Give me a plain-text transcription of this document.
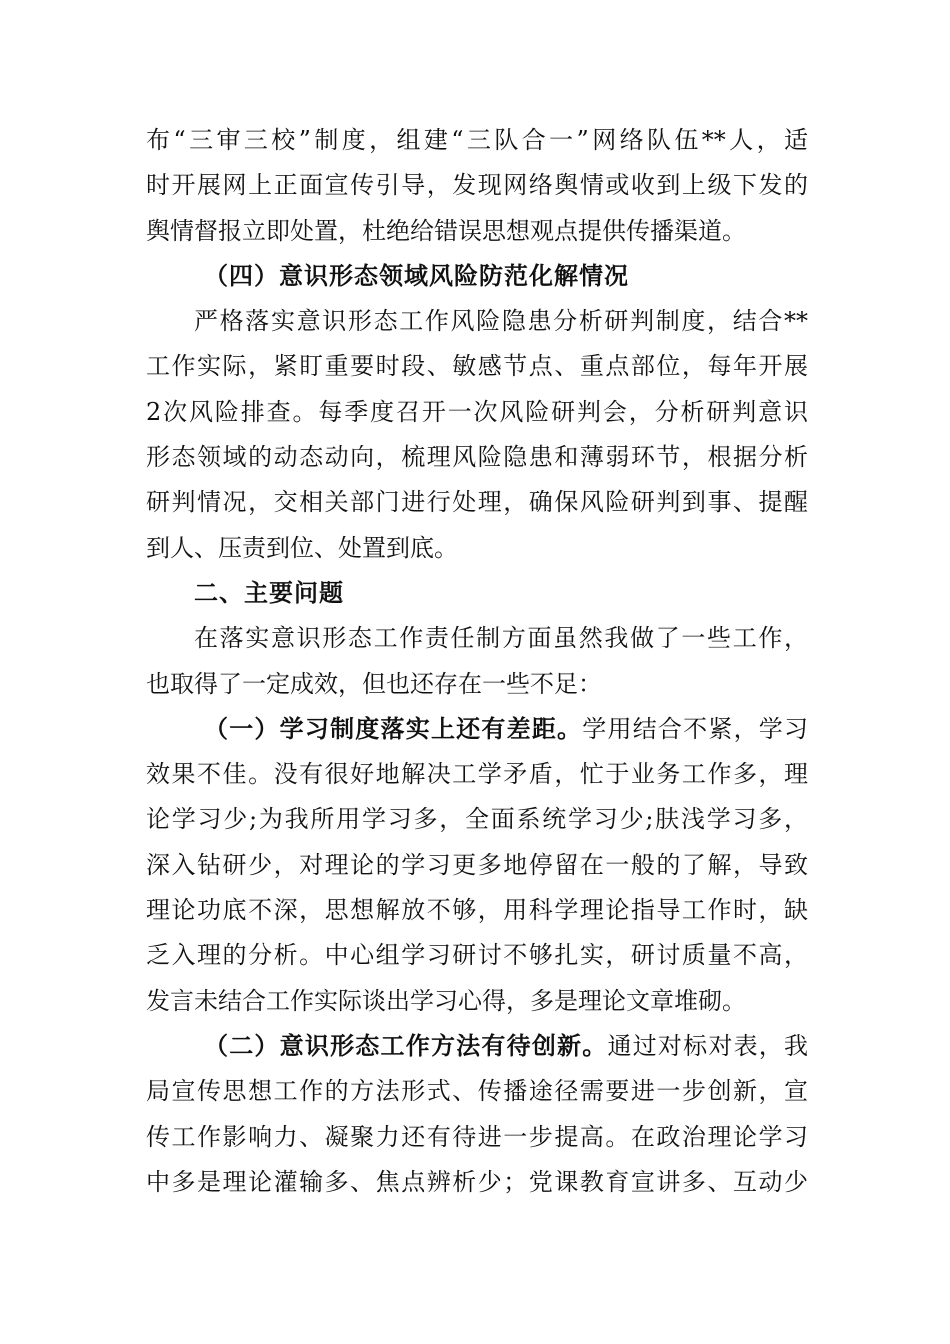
布“三审三校”制度，组建“三队合一”网络队伍**人，适
时开展网上正面宣传引导，发现网络舆情或收到上级下发的
舆情督报立即处置，杜绝给错误思想观点提供传播渠道。
（四）意识形态领域风险防范化解情况
严格落实意识形态工作风险隐患分析研判制度，结合**
工作实际，紧盯重要时段、敏感节点、重点部位，每年开展
2次风险排查。每季度召开一次风险研判会，分析研判意识
形态领域的动态动向，梳理风险隐患和薄弱环节，根据分析
研判情况，交相关部门进行处理，确保风险研判到事、提醒
到人、压责到位、处置到底。
二、主要问题
在落实意识形态工作责任制方面虽然我做了一些工作，
也取得了一定成效，但也还存在一些不足：
（一）学习制度落实上还有差距。学用结合不紧，学习
效果不佳。没有很好地解决工学矛盾，忙于业务工作多，理
论学习少;为我所用学习多，全面系统学习少;肤浅学习多，
深入钻研少，对理论的学习更多地停留在一般的了解，导致
理论功底不深，思想解放不够，用科学理论指导工作时，缺
乏入理的分析。中心组学习研讨不够扎实，研讨质量不高，
发言未结合工作实际谈出学习心得，多是理论文章堆砌。
（二）意识形态工作方法有待创新。通过对标对表，我
局宣传思想工作的方法形式、传播途径需要进一步创新，宣
传工作影响力、凝聚力还有待进一步提高。在政治理论学习
中多是理论灌输多、焦点辨析少；党课教育宣讲多、互动少
